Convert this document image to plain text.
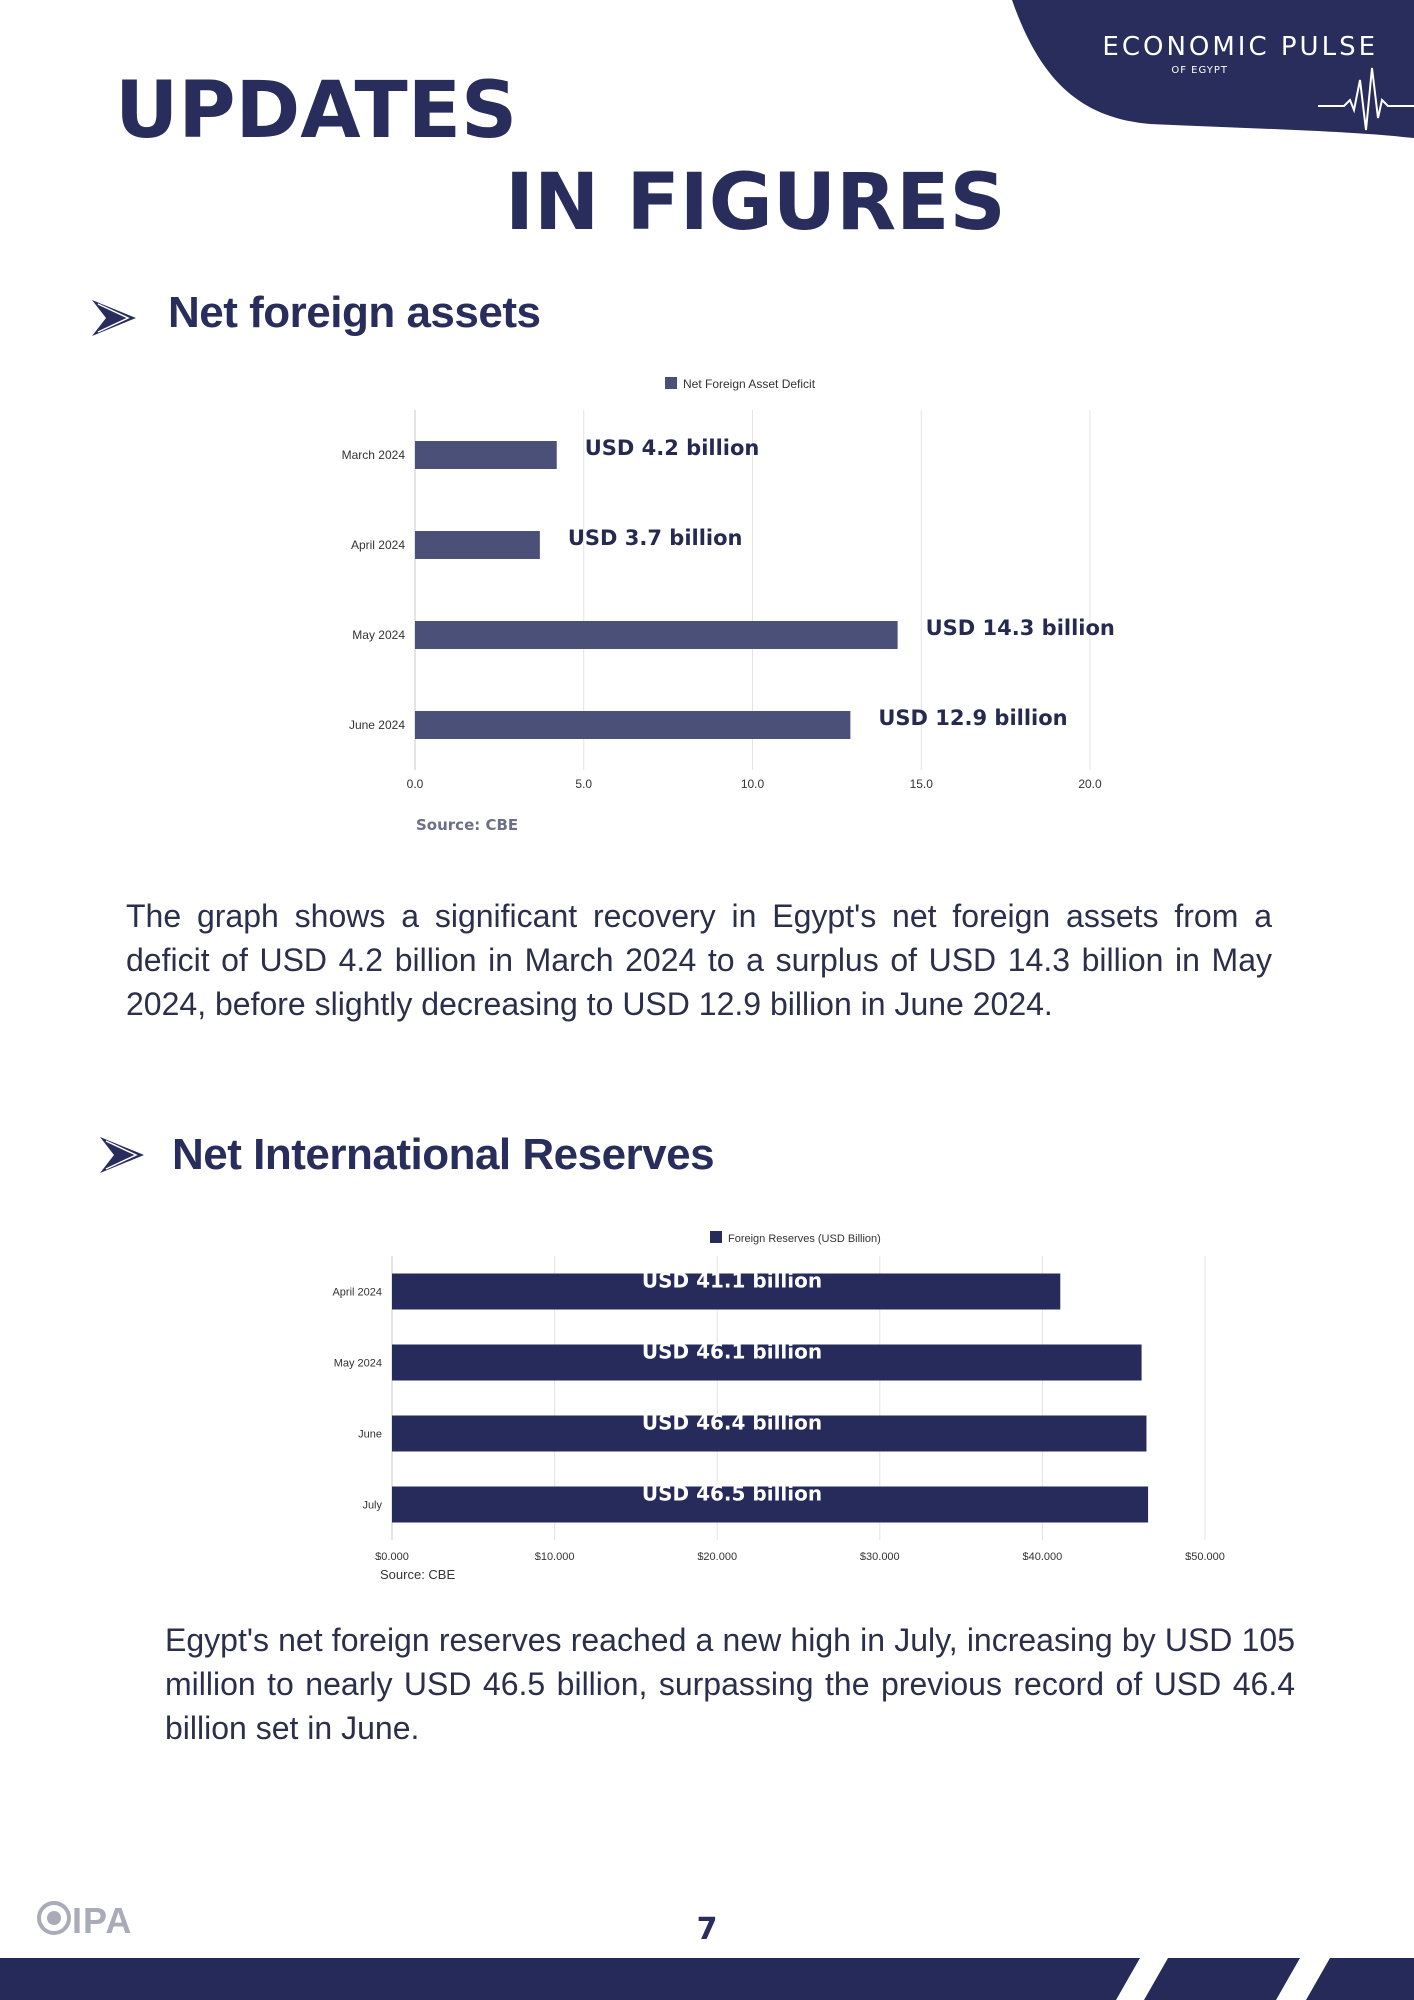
ECONOMIC PULSE
OF EGYPT
UPDATES
IN FIGURES
Net foreign assets
0.0	5.0	10.0	15.0	20.0
Net Foreign Asset Deficit
March 2024	USD 4.2 billion
April 2024	USD 3.7 billion
May 2024	USD 14.3 billion
June 2024	USD 12.9 billion
Source: CBE
The graph shows a significant recovery in Egypt's net foreign assets from a deficit of USD 4.2 billion in March 2024 to a surplus of USD 14.3 billion in May 2024, before slightly decreasing to USD 12.9 billion in June 2024.
Net International Reserves
$0.000	$10.000	$20.000	$30.000	$40.000	$50.000
Foreign Reserves (USD Billion)
April 2024	USD 41.1 billion
May 2024	USD 46.1 billion
June	USD 46.4 billion
July	USD 46.5 billion
Source: CBE
Egypt's net foreign reserves reached a new high in July, increasing by USD 105 million to nearly USD 46.5 billion, surpassing the previous record of USD 46.4 billion set in June.
IPA	7
